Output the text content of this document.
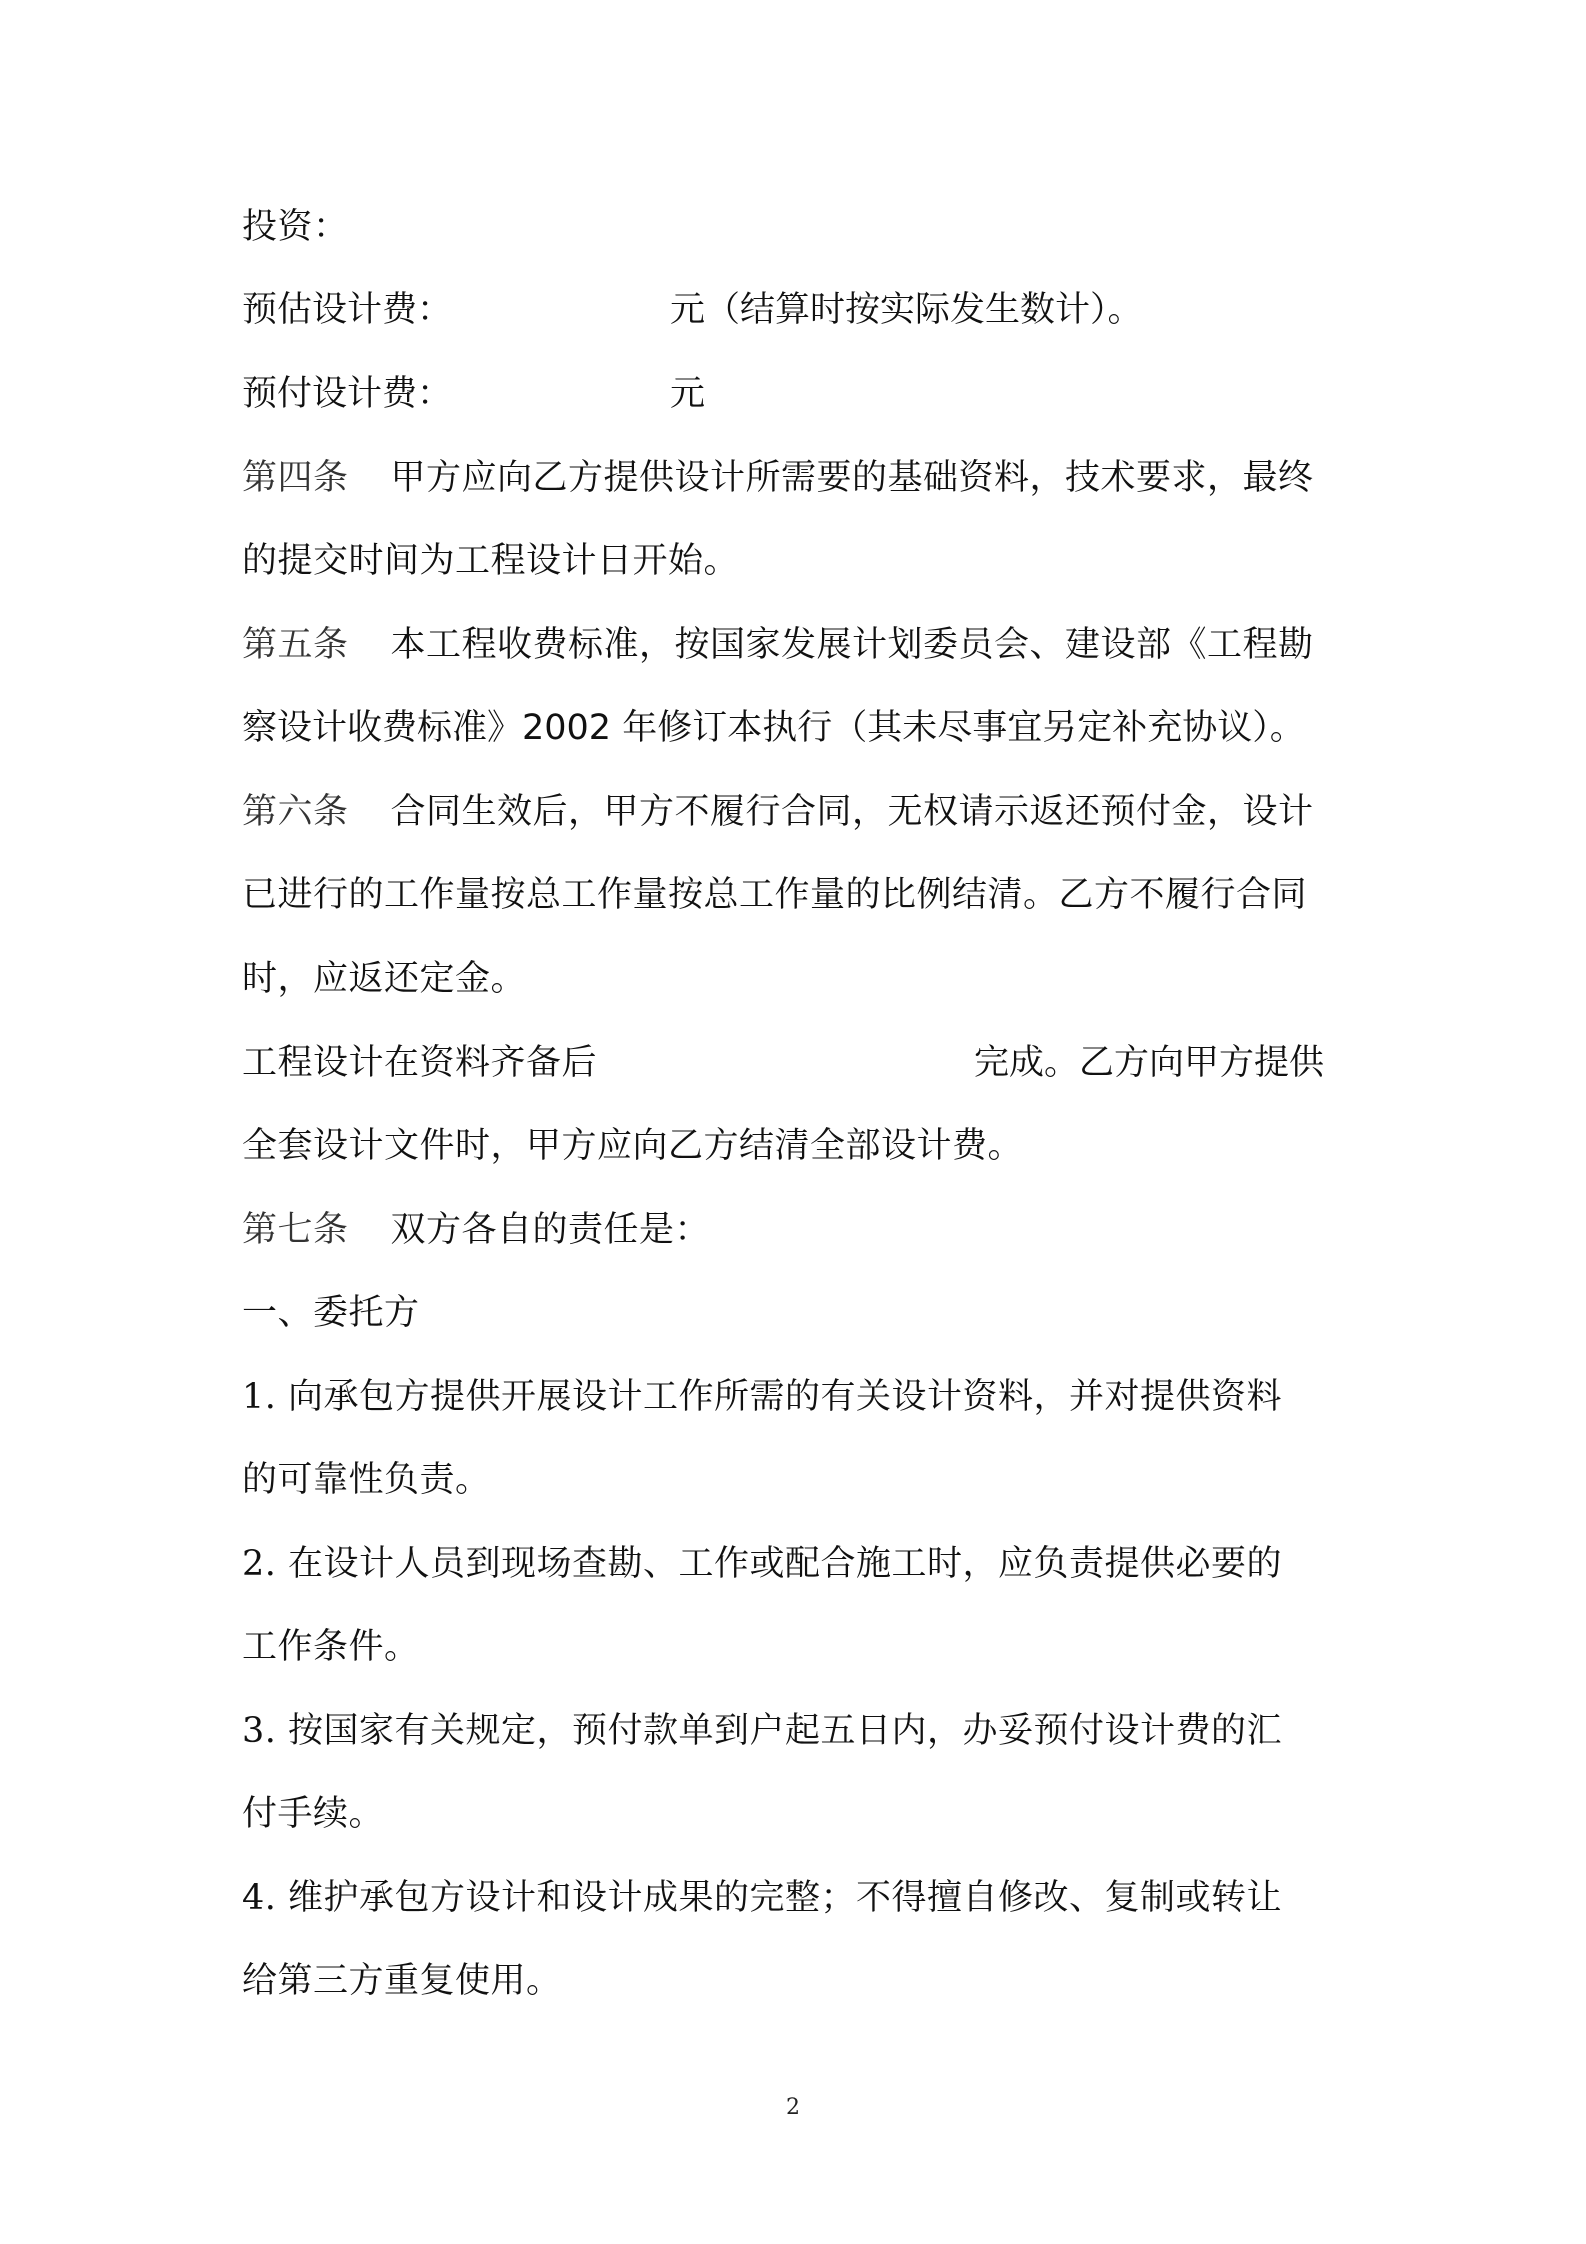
投资：
预估设计费：	元（结算时按实际发生数计）。
预付设计费：	元
第四条 甲方应向乙方提供设计所需要的基础资料，技术要求，最终
的提交时间为工程设计日开始。
第五条 本工程收费标准，按国家发展计划委员会、建设部《工程勘
察设计收费标准》2002 年修订本执行（其未尽事宜另定补充协议）。
第六条 合同生效后，甲方不履行合同，无权请示返还预付金，设计
已进行的工作量按总工作量按总工作量的比例结清。乙方不履行合同
时，应返还定金。
工程设计在资料齐备后	完成。乙方向甲方提供
全套设计文件时，甲方应向乙方结清全部设计费。
第七条 双方各自的责任是：
一、委托方
1. 向承包方提供开展设计工作所需的有关设计资料，并对提供资料
的可靠性负责。
2. 在设计人员到现场查勘、工作或配合施工时，应负责提供必要的
工作条件。
3. 按国家有关规定，预付款单到户起五日内，办妥预付设计费的汇
付手续。
4. 维护承包方设计和设计成果的完整；不得擅自修改、复制或转让
给第三方重复使用。
2
